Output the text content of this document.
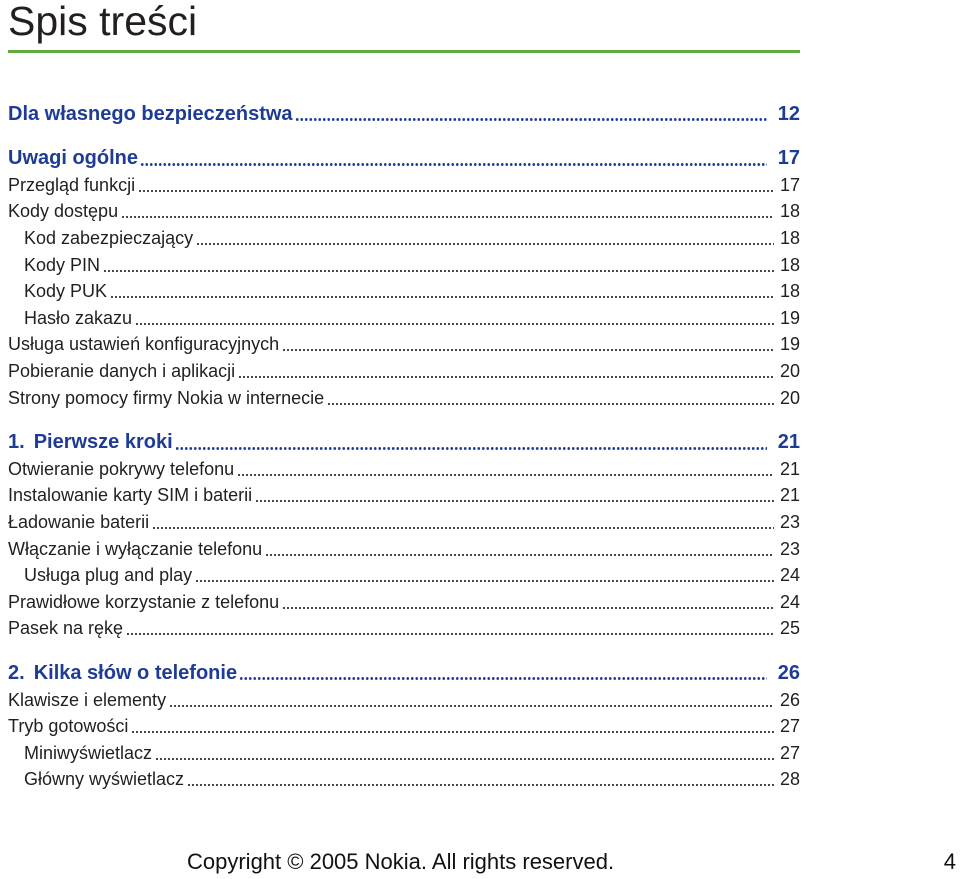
Spis treści
Dla własnego bezpieczeństwa	12
Uwagi ogólne	17
Przegląd funkcji	17
Kody dostępu	18
Kod zabezpieczający	18
Kody PIN	18
Kody PUK	18
Hasło zakazu	19
Usługa ustawień konfiguracyjnych	19
Pobieranie danych i aplikacji	20
Strony pomocy firmy Nokia w internecie	20
1. Pierwsze kroki	21
Otwieranie pokrywy telefonu	21
Instalowanie karty SIM i baterii	21
Ładowanie baterii	23
Włączanie i wyłączanie telefonu	23
Usługa plug and play	24
Prawidłowe korzystanie z telefonu	24
Pasek na rękę	25
2. Kilka słów o telefonie	26
Klawisze i elementy	26
Tryb gotowości	27
Miniwyświetlacz	27
Główny wyświetlacz	28
Copyright © 2005 Nokia. All rights reserved.	4
